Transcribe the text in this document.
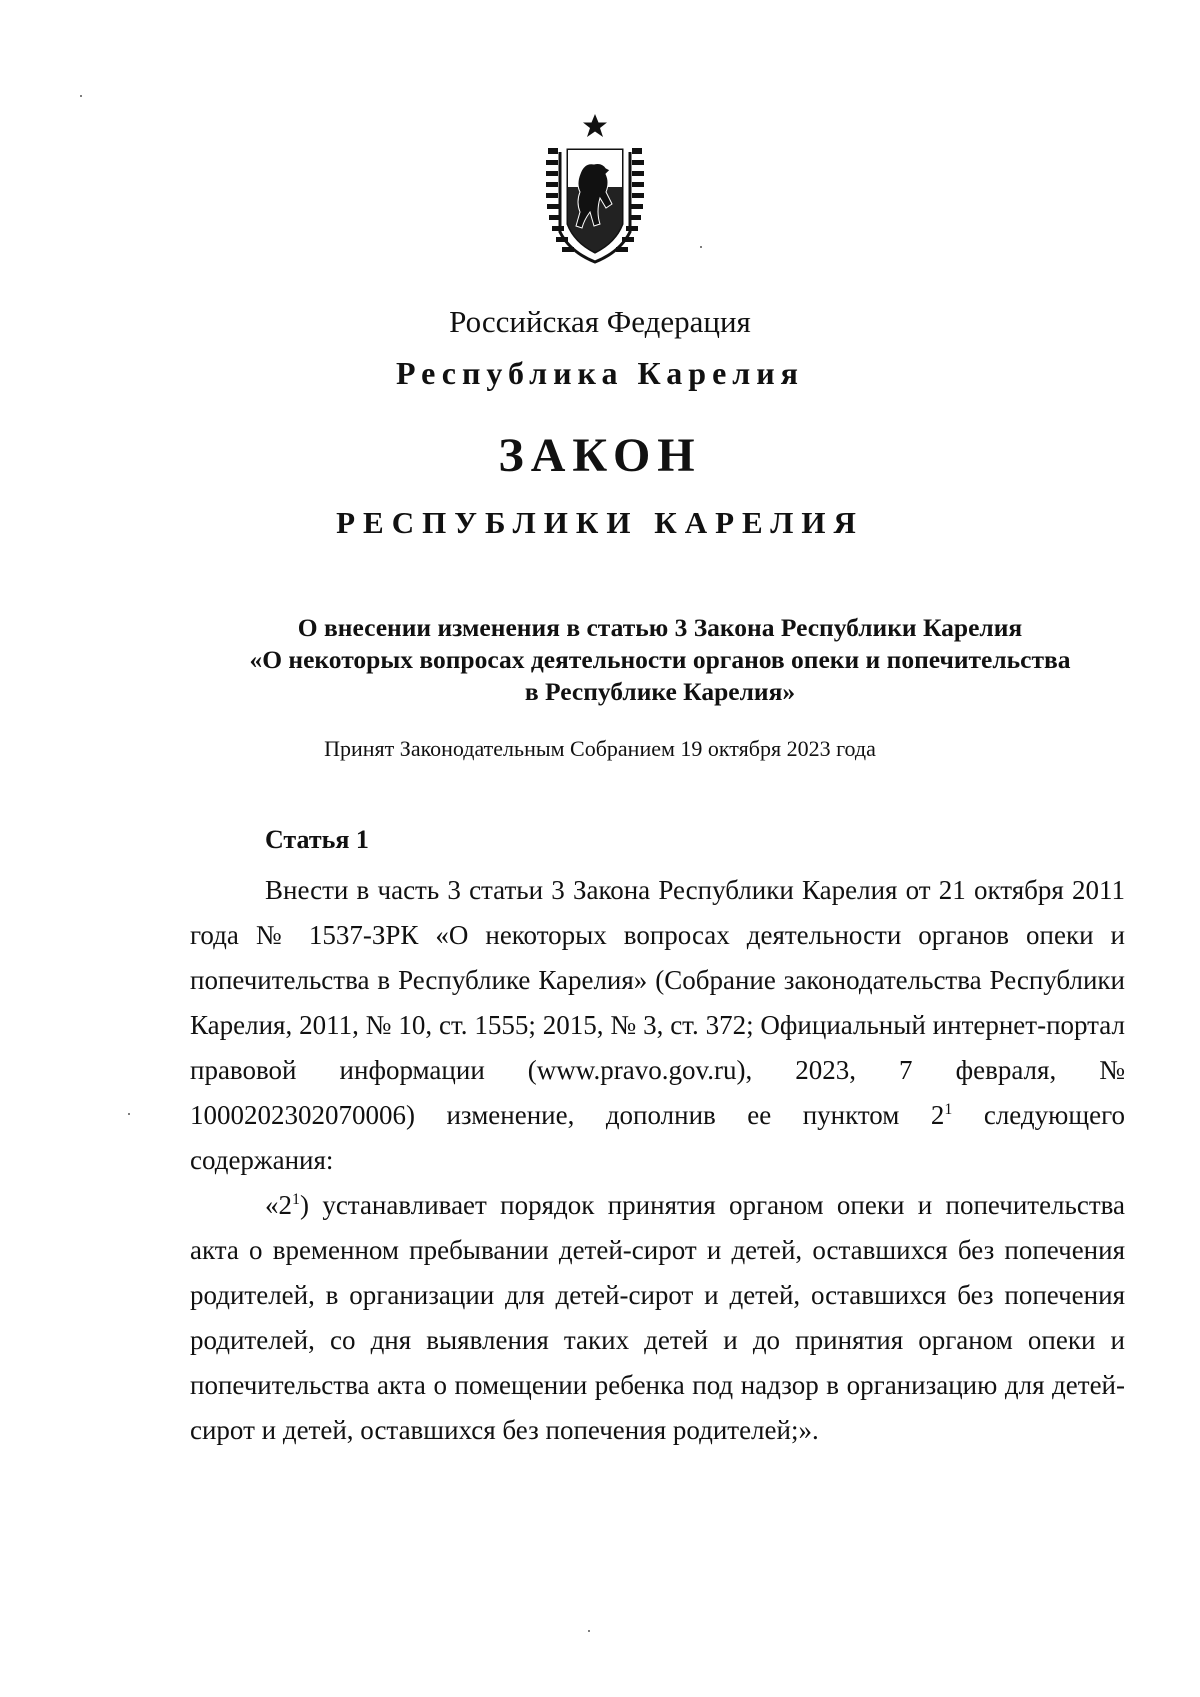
Российская Федерация
Республика Карелия
ЗАКОН
РЕСПУБЛИКИ КАРЕЛИЯ
О внесении изменения в статью 3 Закона Республики Карелия
«О некоторых вопросах деятельности органов опеки и попечительства
в Республике Карелия»
Принят Законодательным Собранием 19 октября 2023 года
Статья 1

Внести в часть 3 статьи 3 Закона Республики Карелия от 21 октября 2011 года № 1537-ЗРК «О некоторых вопросах деятельности органов опеки и попечительства в Республике Карелия» (Собрание законодательства Республики Карелия, 2011, № 10, ст. 1555; 2015, № 3, ст. 372; Официальный интернет-портал правовой информации (www.pravo.gov.ru), 2023, 7 февраля, № 1000202302070006) изменение, дополнив ее пунктом $2^1$ следующего содержания:

«$2^1$) устанавливает порядок принятия органом опеки и попечительства акта о временном пребывании детей-сирот и детей, оставшихся без попечения родителей, в организации для детей-сирот и детей, оставшихся без попечения родителей, со дня выявления таких детей и до принятия органом опеки и попечительства акта о помещении ребенка под надзор в организацию для детей-сирот и детей, оставшихся без попечения родителей;».
